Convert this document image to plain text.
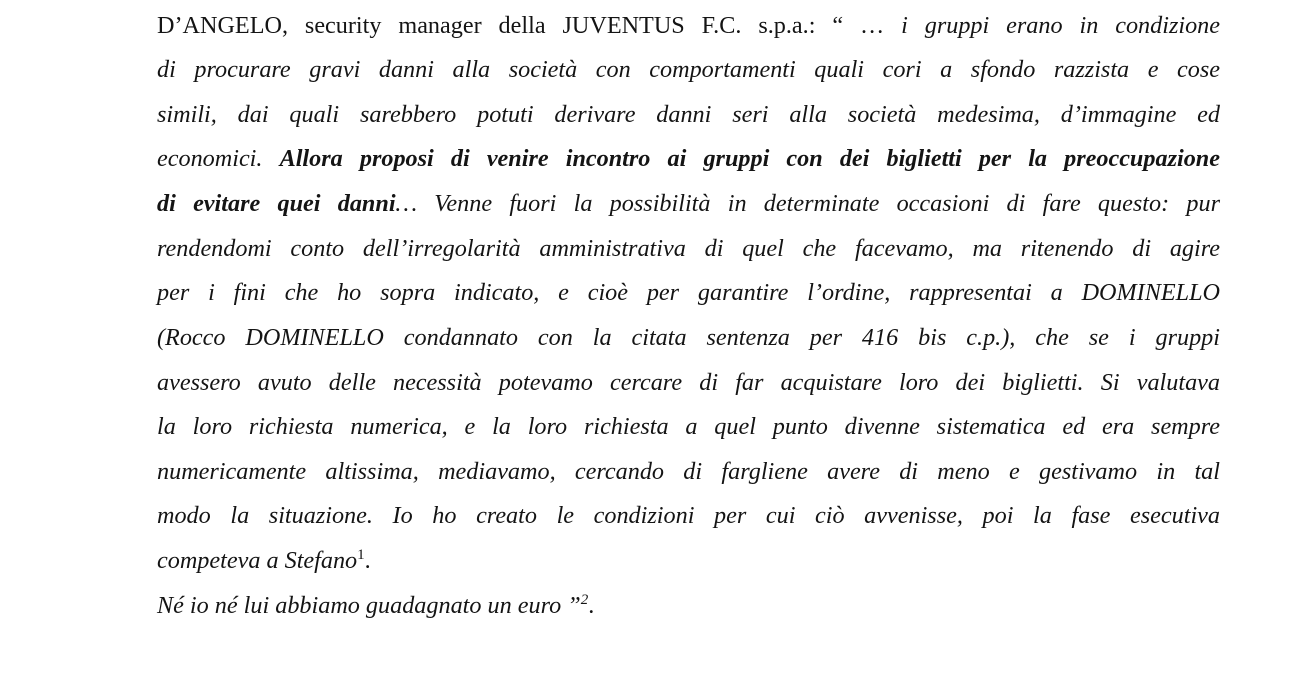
D’ANGELO, security manager della JUVENTUS F.C. s.p.a.: “ … i gruppi erano in condizione
di procurare gravi danni alla società con comportamenti quali cori a sfondo razzista e cose
simili, dai quali sarebbero potuti derivare danni seri alla società medesima, d’immagine ed
economici. Allora proposi di venire incontro ai gruppi con dei biglietti per la preoccupazione
di evitare quei danni… Venne fuori la possibilità in determinate occasioni di fare questo: pur
rendendomi conto dell’irregolarità amministrativa di quel che facevamo, ma ritenendo di agire
per i fini che ho sopra indicato, e cioè per garantire l’ordine, rappresentai a DOMINELLO
(Rocco DOMINELLO condannato con la citata sentenza per 416 bis c.p.), che se i gruppi
avessero avuto delle necessità potevamo cercare di far acquistare loro dei biglietti. Si valutava
la loro richiesta numerica, e la loro richiesta a quel punto divenne sistematica ed era sempre
numericamente altissima, mediavamo, cercando di fargliene avere di meno e gestivamo in tal
modo la situazione. Io ho creato le condizioni per cui ciò avvenisse, poi la fase esecutiva
competeva a Stefano$^1$.
Né io né lui abbiamo guadagnato un euro ”$^2$.
